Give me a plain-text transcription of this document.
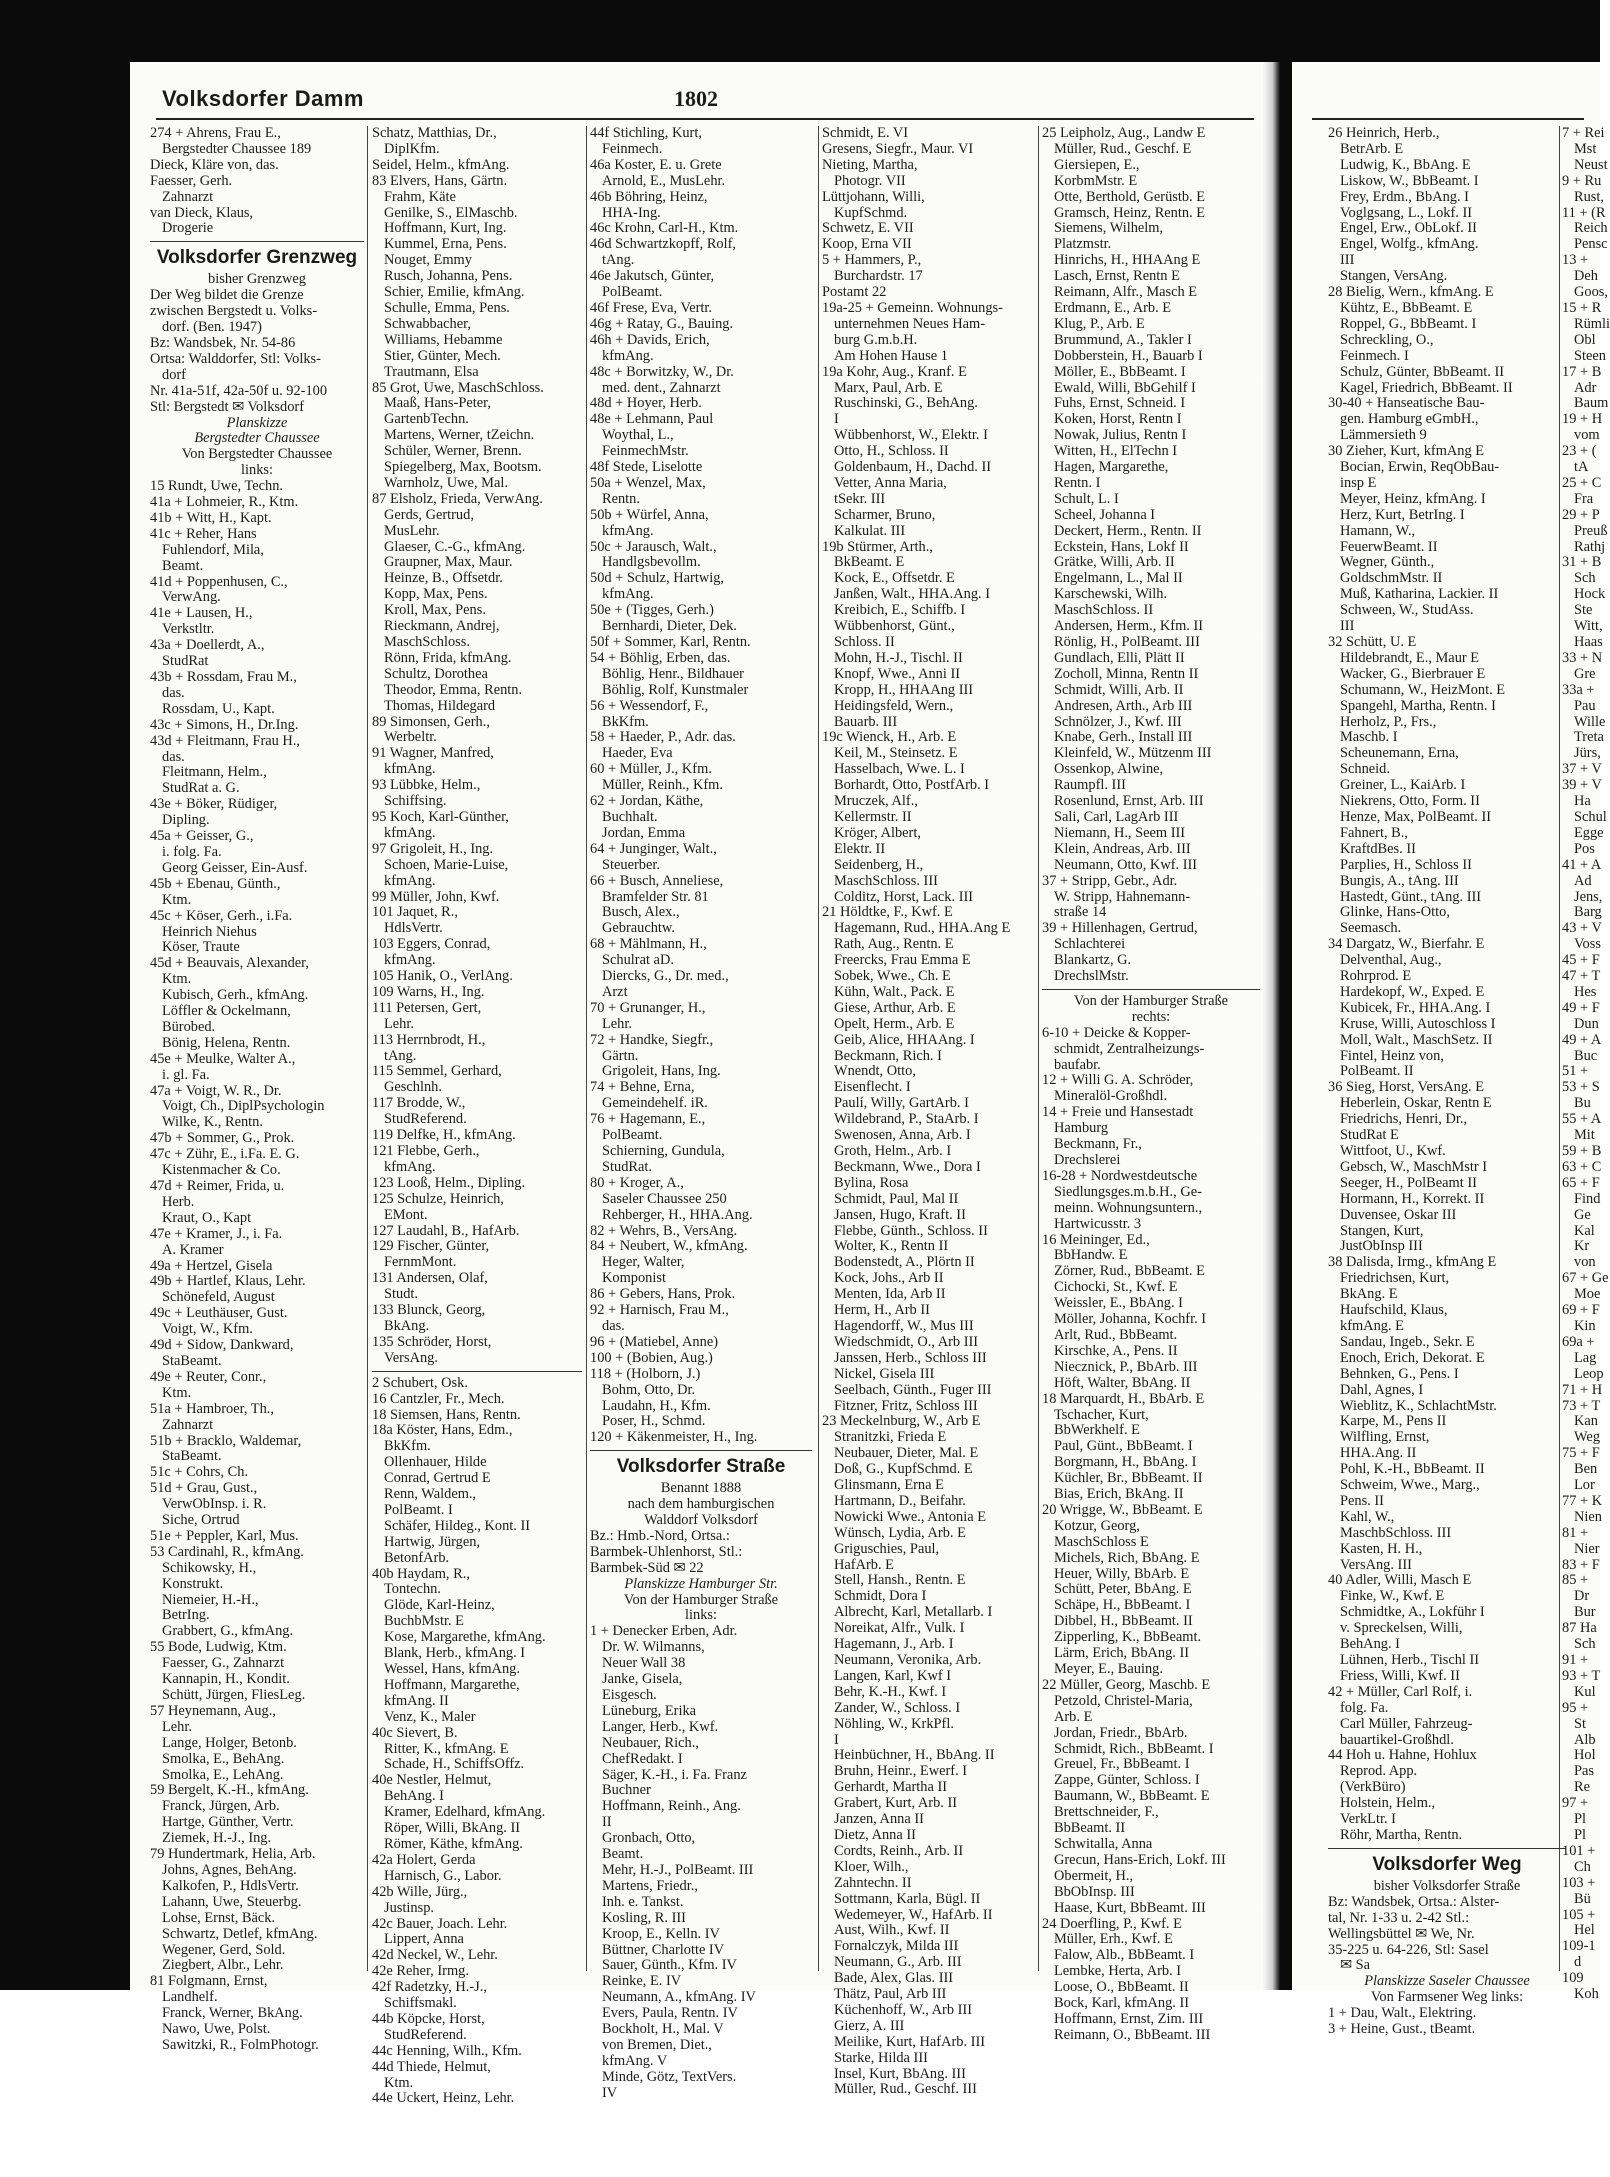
Volksdorfer Damm	1802
274 + Ahrens, Frau E.,
Bergstedter Chaussee 189
Dieck, Kläre von, das.
Faesser, Gerh.
Zahnarzt
van Dieck, Klaus,
Drogerie
Volksdorfer Grenzweg
bisher Grenzweg
Der Weg bildet die Grenze
zwischen Bergstedt u. Volks-
dorf. (Ben. 1947)
Bz: Wandsbek, Nr. 54-86
Ortsa: Walddorfer, Stl: Volks-
dorf
Nr. 41a-51f, 42a-50f u. 92-100
Stl: Bergstedt ✉ Volksdorf
Planskizze
Bergstedter Chaussee
Von Bergstedter Chaussee
links:
15 Rundt, Uwe, Techn.
41a + Lohmeier, R., Ktm.
41b + Witt, H., Kapt.
41c + Reher, Hans
Fuhlendorf, Mila,
Beamt.
41d + Poppenhusen, C.,
VerwAng.
41e + Lausen, H.,
Verkstltr.
43a + Doellerdt, A.,
StudRat
43b + Rossdam, Frau M.,
das.
Rossdam, U., Kapt.
43c + Simons, H., Dr.Ing.
43d + Fleitmann, Frau H.,
das.
Fleitmann, Helm.,
StudRat a. G.
43e + Böker, Rüdiger,
Dipling.
45a + Geisser, G.,
i. folg. Fa.
Georg Geisser, Ein-Ausf.
45b + Ebenau, Günth.,
Ktm.
45c + Köser, Gerh., i.Fa.
Heinrich Niehus
Köser, Traute
45d + Beauvais, Alexander,
Ktm.
Kubisch, Gerh., kfmAng.
Löffler & Ockelmann,
Bürobed.
Bönig, Helena, Rentn.
45e + Meulke, Walter A.,
i. gl. Fa.
47a + Voigt, W. R., Dr.
Voigt, Ch., DiplPsychologin
Wilke, K., Rentn.
47b + Sommer, G., Prok.
47c + Zühr, E., i.Fa. E. G.
Kistenmacher & Co.
47d + Reimer, Frida, u.
Herb.
Kraut, O., Kapt
47e + Kramer, J., i. Fa.
A. Kramer
49a + Hertzel, Gisela
49b + Hartlef, Klaus, Lehr.
Schönefeld, August
49c + Leuthäuser, Gust.
Voigt, W., Kfm.
49d + Sidow, Dankward,
StaBeamt.
49e + Reuter, Conr.,
Ktm.
51a + Hambroer, Th.,
Zahnarzt
51b + Bracklo, Waldemar,
StaBeamt.
51c + Cohrs, Ch.
51d + Grau, Gust.,
VerwObInsp. i. R.
Siche, Ortrud
51e + Peppler, Karl, Mus.
53 Cardinahl, R., kfmAng.
Schikowsky, H.,
Konstrukt.
Niemeier, H.-H.,
BetrIng.
Grabbert, G., kfmAng.
55 Bode, Ludwig, Ktm.
Faesser, G., Zahnarzt
Kannapin, H., Kondit.
Schütt, Jürgen, FliesLeg.
57 Heynemann, Aug.,
Lehr.
Lange, Holger, Betonb.
Smolka, E., BehAng.
Smolka, E., LehAng.
59 Bergelt, K.-H., kfmAng.
Franck, Jürgen, Arb.
Hartge, Günther, Vertr.
Ziemek, H.-J., Ing.
79 Hundertmark, Helia, Arb.
Johns, Agnes, BehAng.
Kalkofen, P., HdlsVertr.
Lahann, Uwe, Steuerbg.
Lohse, Ernst, Bäck.
Schwartz, Detlef, kfmAng.
Wegener, Gerd, Sold.
Ziegbert, Albr., Lehr.
81 Folgmann, Ernst,
Landhelf.
Franck, Werner, BkAng.
Nawo, Uwe, Polst.
Sawitzki, R., FolmPhotogr.
Schatz, Matthias, Dr.,
DiplKfm.
Seidel, Helm., kfmAng.
83 Elvers, Hans, Gärtn.
Frahm, Käte
Genilke, S., ElMaschb.
Hoffmann, Kurt, Ing.
Kummel, Erna, Pens.
Nouget, Emmy
Rusch, Johanna, Pens.
Schier, Emilie, kfmAng.
Schulle, Emma, Pens.
Schwabbacher,
Williams, Hebamme
Stier, Günter, Mech.
Trautmann, Elsa
85 Grot, Uwe, MaschSchloss.
Maaß, Hans-Peter,
GartenbTechn.
Martens, Werner, tZeichn.
Schüler, Werner, Brenn.
Spiegelberg, Max, Bootsm.
Warnholz, Uwe, Mal.
87 Elsholz, Frieda, VerwAng.
Gerds, Gertrud,
MusLehr.
Glaeser, C.-G., kfmAng.
Graupner, Max, Maur.
Heinze, B., Offsetdr.
Kopp, Max, Pens.
Kroll, Max, Pens.
Rieckmann, Andrej,
MaschSchloss.
Rönn, Frida, kfmAng.
Schultz, Dorothea
Theodor, Emma, Rentn.
Thomas, Hildegard
89 Simonsen, Gerh.,
Werbeltr.
91 Wagner, Manfred,
kfmAng.
93 Lübbke, Helm.,
Schiffsing.
95 Koch, Karl-Günther,
kfmAng.
97 Grigoleit, H., Ing.
Schoen, Marie-Luise,
kfmAng.
99 Müller, John, Kwf.
101 Jaquet, R.,
HdlsVertr.
103 Eggers, Conrad,
kfmAng.
105 Hanik, O., VerlAng.
109 Warns, H., Ing.
111 Petersen, Gert,
Lehr.
113 Herrnbrodt, H.,
tAng.
115 Semmel, Gerhard,
Geschlnh.
117 Brodde, W.,
StudReferend.
119 Delfke, H., kfmAng.
121 Flebbe, Gerh.,
kfmAng.
123 Looß, Helm., Dipling.
125 Schulze, Heinrich,
EMont.
127 Laudahl, B., HafArb.
129 Fischer, Günter,
FernmMont.
131 Andersen, Olaf,
Studt.
133 Blunck, Georg,
BkAng.
135 Schröder, Horst,
VersAng.
2 Schubert, Osk.
16 Cantzler, Fr., Mech.
18 Siemsen, Hans, Rentn.
18a Köster, Hans, Edm.,
BkKfm.
Ollenhauer, Hilde
Conrad, Gertrud E
Renn, Waldem.,
PolBeamt. I
Schäfer, Hildeg., Kont. II
Hartwig, Jürgen,
BetonfArb.
40b Haydam, R.,
Tontechn.
Glöde, Karl-Heinz,
BuchbMstr. E
Kose, Margarethe, kfmAng.
Blank, Herb., kfmAng. I
Wessel, Hans, kfmAng.
Hoffmann, Margarethe,
kfmAng. II
Venz, K., Maler
40c Sievert, B.
Ritter, K., kfmAng. E
Schade, H., SchiffsOffz.
40e Nestler, Helmut,
BehAng. I
Kramer, Edelhard, kfmAng.
Röper, Willi, BkAng. II
Römer, Käthe, kfmAng.
42a Holert, Gerda
Harnisch, G., Labor.
42b Wille, Jürg.,
Justinsp.
42c Bauer, Joach. Lehr.
Lippert, Anna
42d Neckel, W., Lehr.
42e Reher, Irmg.
42f Radetzky, H.-J.,
Schiffsmakl.
44b Köpcke, Horst,
StudReferend.
44c Henning, Wilh., Kfm.
44d Thiede, Helmut,
Ktm.
44e Uckert, Heinz, Lehr.
44f Stichling, Kurt,
Feinmech.
46a Koster, E. u. Grete
Arnold, E., MusLehr.
46b Böhring, Heinz,
HHA-Ing.
46c Krohn, Carl-H., Ktm.
46d Schwartzkopff, Rolf,
tAng.
46e Jakutsch, Günter,
PolBeamt.
46f Frese, Eva, Vertr.
46g + Ratay, G., Bauing.
46h + Davids, Erich,
kfmAng.
48c + Borwitzky, W., Dr.
med. dent., Zahnarzt
48d + Hoyer, Herb.
48e + Lehmann, Paul
Woythal, L.,
FeinmechMstr.
48f Stede, Liselotte
50a + Wenzel, Max,
Rentn.
50b + Würfel, Anna,
kfmAng.
50c + Jarausch, Walt.,
Handlgsbevollm.
50d + Schulz, Hartwig,
kfmAng.
50e + (Tigges, Gerh.)
Bernhardi, Dieter, Dek.
50f + Sommer, Karl, Rentn.
54 + Böhlig, Erben, das.
Böhlig, Henr., Bildhauer
Böhlig, Rolf, Kunstmaler
56 + Wessendorf, F.,
BkKfm.
58 + Haeder, P., Adr. das.
Haeder, Eva
60 + Müller, J., Kfm.
Müller, Reinh., Kfm.
62 + Jordan, Käthe,
Buchhalt.
Jordan, Emma
64 + Junginger, Walt.,
Steuerber.
66 + Busch, Anneliese,
Bramfelder Str. 81
Busch, Alex.,
Gebrauchtw.
68 + Mählmann, H.,
Schulrat aD.
Diercks, G., Dr. med.,
Arzt
70 + Grunanger, H.,
Lehr.
72 + Handke, Siegfr.,
Gärtn.
Grigoleit, Hans, Ing.
74 + Behne, Erna,
Gemeindehelf. iR.
76 + Hagemann, E.,
PolBeamt.
Schierning, Gundula,
StudRat.
80 + Kroger, A.,
Saseler Chaussee 250
Rehberger, H., HHA.Ang.
82 + Wehrs, B., VersAng.
84 + Neubert, W., kfmAng.
Heger, Walter,
Komponist
86 + Gebers, Hans, Prok.
92 + Harnisch, Frau M.,
das.
96 + (Matiebel, Anne)
100 + (Bobien, Aug.)
118 + (Holborn, J.)
Bohm, Otto, Dr.
Laudahn, H., Kfm.
Poser, H., Schmd.
120 + Käkenmeister, H., Ing.
Volksdorfer Straße
Benannt 1888
nach dem hamburgischen
Walddorf Volksdorf
Bz.: Hmb.-Nord, Ortsa.:
Barmbek-Uhlenhorst, Stl.:
Barmbek-Süd ✉ 22
Planskizze Hamburger Str.
Von der Hamburger Straße
links:
1 + Denecker Erben, Adr.
Dr. W. Wilmanns,
Neuer Wall 38
Janke, Gisela,
Eisgesch.
Lüneburg, Erika
Langer, Herb., Kwf.
Neubauer, Rich.,
ChefRedakt. I
Säger, K.-H., i. Fa. Franz
Buchner
Hoffmann, Reinh., Ang.
II
Gronbach, Otto,
Beamt.
Mehr, H.-J., PolBeamt. III
Martens, Friedr.,
Inh. e. Tankst.
Kosling, R. III
Kroop, E., Kelln. IV
Büttner, Charlotte IV
Sauer, Günth., Kfm. IV
Reinke, E. IV
Neumann, A., kfmAng. IV
Evers, Paula, Rentn. IV
Bockholt, H., Mal. V
von Bremen, Diet.,
kfmAng. V
Minde, Götz, TextVers.
IV
Schmidt, E. VI
Gresens, Siegfr., Maur. VI
Nieting, Martha,
Photogr. VII
Lüttjohann, Willi,
KupfSchmd.
Schwetz, E. VII
Koop, Erna VII
5 + Hammers, P.,
Burchardstr. 17
Postamt 22
19a-25 + Gemeinn. Wohnungs-
unternehmen Neues Ham-
burg G.m.b.H.
Am Hohen Hause 1
19a Kohr, Aug., Kranf. E
Marx, Paul, Arb. E
Ruschinski, G., BehAng.
I
Wübbenhorst, W., Elektr. I
Otto, H., Schloss. II
Goldenbaum, H., Dachd. II
Vetter, Anna Maria,
tSekr. III
Scharmer, Bruno,
Kalkulat. III
19b Stürmer, Arth.,
BkBeamt. E
Kock, E., Offsetdr. E
Janßen, Walt., HHA.Ang. I
Kreibich, E., Schiffb. I
Wübbenhorst, Günt.,
Schloss. II
Mohn, H.-J., Tischl. II
Knopf, Wwe., Anni II
Kropp, H., HHAAng III
Heidingsfeld, Wern.,
Bauarb. III
19c Wienck, H., Arb. E
Keil, M., Steinsetz. E
Hasselbach, Wwe. L. I
Borhardt, Otto, PostfArb. I
Mruczek, Alf.,
Kellermstr. II
Kröger, Albert,
Elektr. II
Seidenberg, H.,
MaschSchloss. III
Colditz, Horst, Lack. III
21 Höldtke, F., Kwf. E
Hagemann, Rud., HHA.Ang E
Rath, Aug., Rentn. E
Freercks, Frau Emma E
Sobek, Wwe., Ch. E
Kühn, Walt., Pack. E
Giese, Arthur, Arb. E
Opelt, Herm., Arb. E
Geib, Alice, HHAAng. I
Beckmann, Rich. I
Wnendt, Otto,
Eisenflecht. I
Paulí, Willy, GartArb. I
Wildebrand, P., StaArb. I
Swenosen, Anna, Arb. I
Groth, Helm., Arb. I
Beckmann, Wwe., Dora I
Bylina, Rosa
Schmidt, Paul, Mal II
Jansen, Hugo, Kraft. II
Flebbe, Günth., Schloss. II
Wolter, K., Rentn II
Bodenstedt, A., Plörtn II
Kock, Johs., Arb II
Menten, Ida, Arb II
Herm, H., Arb II
Hagendorff, W., Mus III
Wiedschmidt, O., Arb III
Janssen, Herb., Schloss III
Nickel, Gisela III
Seelbach, Günth., Fuger III
Fitzner, Fritz, Schloss III
23 Meckelnburg, W., Arb E
Stranitzki, Frieda E
Neubauer, Dieter, Mal. E
Doß, G., KupfSchmd. E
Glinsmann, Erna E
Hartmann, D., Beifahr.
Nowicki Wwe., Antonia E
Wünsch, Lydia, Arb. E
Griguschies, Paul,
HafArb. E
Stell, Hansh., Rentn. E
Schmidt, Dora I
Albrecht, Karl, Metallarb. I
Noreikat, Alfr., Vulk. I
Hagemann, J., Arb. I
Neumann, Veronika, Arb.
Langen, Karl, Kwf I
Behr, K.-H., Kwf. I
Zander, W., Schloss. I
Nöhling, W., KrkPfl.
I
Heinbüchner, H., BbAng. II
Bruhn, Heinr., Ewerf. I
Gerhardt, Martha II
Grabert, Kurt, Arb. II
Janzen, Anna II
Dietz, Anna II
Cordts, Reinh., Arb. II
Kloer, Wilh.,
Zahntechn. II
Sottmann, Karla, Bügl. II
Wedemeyer, W., HafArb. II
Aust, Wilh., Kwf. II
Fornalczyk, Milda III
Neumann, G., Arb. III
Bade, Alex, Glas. III
Thätz, Paul, Arb III
Küchenhoff, W., Arb III
Gierz, A. III
Meilike, Kurt, HafArb. III
Starke, Hilda III
Insel, Kurt, BbAng. III
Müller, Rud., Geschf. III
25 Leipholz, Aug., Landw E
Müller, Rud., Geschf. E
Giersiepen, E.,
KorbmMstr. E
Otte, Berthold, Gerüstb. E
Gramsch, Heinz, Rentn. E
Siemens, Wilhelm,
Platzmstr.
Hinrichs, H., HHAAng E
Lasch, Ernst, Rentn E
Reimann, Alfr., Masch E
Erdmann, E., Arb. E
Klug, P., Arb. E
Brummund, A., Takler I
Dobberstein, H., Bauarb I
Möller, E., BbBeamt. I
Ewald, Willi, BbGehilf I
Fuhs, Ernst, Schneid. I
Koken, Horst, Rentn I
Nowak, Julius, Rentn I
Witten, H., ElTechn I
Hagen, Margarethe,
Rentn. I
Schult, L. I
Scheel, Johanna I
Deckert, Herm., Rentn. II
Eckstein, Hans, Lokf II
Grätke, Willi, Arb. II
Engelmann, L., Mal II
Karschewski, Wilh.
MaschSchloss. II
Andersen, Herm., Kfm. II
Rönlig, H., PolBeamt. III
Gundlach, Elli, Plätt II
Zocholl, Minna, Rentn II
Schmidt, Willi, Arb. II
Andresen, Arth., Arb III
Schnölzer, J., Kwf. III
Knabe, Gerh., Install III
Kleinfeld, W., Mützenm III
Ossenkop, Alwine,
Raumpfl. III
Rosenlund, Ernst, Arb. III
Sali, Carl, LagArb III
Niemann, H., Seem III
Klein, Andreas, Arb. III
Neumann, Otto, Kwf. III
37 + Stripp, Gebr., Adr.
W. Stripp, Hahnemann-
straße 14
39 + Hillenhagen, Gertrud,
Schlachterei
Blankartz, G.
DrechslMstr.
Von der Hamburger Straße
rechts:
6-10 + Deicke & Kopper-
schmidt, Zentralheizungs-
baufabr.
12 + Willi G. A. Schröder,
Mineralöl-Großhdl.
14 + Freie und Hansestadt
Hamburg
Beckmann, Fr.,
Drechslerei
16-28 + Nordwestdeutsche
Siedlungsges.m.b.H., Ge-
meinn. Wohnungsuntern.,
Hartwicusstr. 3
16 Meininger, Ed.,
BbHandw. E
Zörner, Rud., BbBeamt. E
Cichocki, St., Kwf. E
Weissler, E., BbAng. I
Möller, Johanna, Kochfr. I
Arlt, Rud., BbBeamt.
Kirschke, A., Pens. II
Niecznick, P., BbArb. III
Höft, Walter, BbAng. II
18 Marquardt, H., BbArb. E
Tschacher, Kurt,
BbWerkhelf. E
Paul, Günt., BbBeamt. I
Borgmann, H., BbAng. I
Küchler, Br., BbBeamt. II
Bias, Erich, BkAng. II
20 Wrigge, W., BbBeamt. E
Kotzur, Georg,
MaschSchloss E
Michels, Rich, BbAng. E
Heuer, Willy, BbArb. E
Schütt, Peter, BbAng. E
Schäpe, H., BbBeamt. I
Dibbel, H., BbBeamt. II
Zipperling, K., BbBeamt.
Lärm, Erich, BbAng. II
Meyer, E., Bauing.
22 Müller, Georg, Maschb. E
Petzold, Christel-Maria,
Arb. E
Jordan, Friedr., BbArb.
Schmidt, Rich., BbBeamt. I
Greuel, Fr., BbBeamt. I
Zappe, Günter, Schloss. I
Baumann, W., BbBeamt. E
Brettschneider, F.,
BbBeamt. II
Schwitalla, Anna
Grecun, Hans-Erich, Lokf. III
Obermeit, H.,
BbObInsp. III
Haase, Kurt, BbBeamt. III
24 Doerfling, P., Kwf. E
Müller, Erh., Kwf. E
Falow, Alb., BbBeamt. I
Lembke, Herta, Arb. I
Loose, O., BbBeamt. II
Bock, Karl, kfmAng. II
Hoffmann, Ernst, Zim. III
Reimann, O., BbBeamt. III
26 Heinrich, Herb.,
BetrArb. E
Ludwig, K., BbAng. E
Liskow, W., BbBeamt. I
Frey, Erdm., BbAng. I
Voglgsang, L., Lokf. II
Engel, Erw., ObLokf. II
Engel, Wolfg., kfmAng.
III
Stangen, VersAng.
28 Bielig, Wern., kfmAng. E
Kühtz, E., BbBeamt. E
Roppel, G., BbBeamt. I
Schreckling, O.,
Feinmech. I
Schulz, Günter, BbBeamt. II
Kagel, Friedrich, BbBeamt. II
30-40 + Hanseatische Bau-
gen. Hamburg eGmbH.,
Lämmersieth 9
30 Zieher, Kurt, kfmAng E
Bocian, Erwin, ReqObBau-
insp E
Meyer, Heinz, kfmAng. I
Herz, Kurt, BetrIng. I
Hamann, W.,
FeuerwBeamt. II
Wegner, Günth.,
GoldschmMstr. II
Muß, Katharina, Lackier. II
Schween, W., StudAss.
III
32 Schütt, U. E
Hildebrandt, E., Maur E
Wacker, G., Bierbrauer E
Schumann, W., HeizMont. E
Spangehl, Martha, Rentn. I
Herholz, P., Frs.,
Maschb. I
Scheunemann, Erna,
Schneid.
Greiner, L., KaiArb. I
Niekrens, Otto, Form. II
Henze, Max, PolBeamt. II
Fahnert, B.,
KraftdBes. II
Parplies, H., Schloss II
Bungis, A., tAng. III
Hastedt, Günt., tAng. III
Glinke, Hans-Otto,
Seemasch.
34 Dargatz, W., Bierfahr. E
Delventhal, Aug.,
Rohrprod. E
Hardekopf, W., Exped. E
Kubicek, Fr., HHA.Ang. I
Kruse, Willi, Autoschloss I
Moll, Walt., MaschSetz. II
Fintel, Heinz von,
PolBeamt. II
36 Sieg, Horst, VersAng. E
Heberlein, Oskar, Rentn E
Friedrichs, Henri, Dr.,
StudRat E
Wittfoot, U., Kwf.
Gebsch, W., MaschMstr I
Seeger, H., PolBeamt II
Hormann, H., Korrekt. II
Duvensee, Oskar III
Stangen, Kurt,
JustObInsp III
38 Dalisda, Irmg., kfmAng E
Friedrichsen, Kurt,
BkAng. E
Haufschild, Klaus,
kfmAng. E
Sandau, Ingeb., Sekr. E
Enoch, Erich, Dekorat. E
Behnken, G., Pens. I
Dahl, Agnes, I
Wieblitz, K., SchlachtMstr.
Karpe, M., Pens II
Wilfling, Ernst,
HHA.Ang. II
Pohl, K.-H., BbBeamt. II
Schweim, Wwe., Marg.,
Pens. II
Kahl, W.,
MaschbSchloss. III
Kasten, H. H.,
VersAng. III
40 Adler, Willi, Masch E
Finke, W., Kwf. E
Schmidtke, A., Lokführ I
v. Spreckelsen, Willi,
BehAng. I
Lühnen, Herb., Tischl II
Friess, Willi, Kwf. II
42 + Müller, Carl Rolf, i.
folg. Fa.
Carl Müller, Fahrzeug-
bauartikel-Großhdl.
44 Hoh u. Hahne, Hohlux
Reprod. App.
(VerkBüro)
Holstein, Helm.,
VerkLtr. I
Röhr, Martha, Rentn.
Volksdorfer Weg
bisher Volksdorfer Straße
Bz: Wandsbek, Ortsa.: Alster-
tal, Nr. 1-33 u. 2-42 Stl.:
Wellingsbüttel ✉ We, Nr.
35-225 u. 64-226, Stl: Sasel
✉ Sa
Planskizze Saseler Chaussee
Von Farmsener Weg links:
1 + Dau, Walt., Elektring.
3 + Heine, Gust., tBeamt.
7 + Rei
Mst
Neust
9 + Ru
Rust,
11 + (R
Reich
Pensc
13 +
Deh
Goos,
15 + R
Rümli
Obl
Steen
17 + B
Adr
Baum
19 + H
vom
23 + (
tA
25 + C
Fra
29 + P
Preuß
Rathj
31 + B
Sch
Hock
Ste
Witt,
Haas
33 + N
Gre
33a +
Pau
Wille
Treta
Jürs,
37 + V
39 + V
Ha
Schul
Egge
Pos
41 + A
Ad
Jens,
Barg
43 + V
Voss
45 + F
47 + T
Hes
49 + F
Dun
49 + A
Buc
51 +
53 + S
Bu
55 + A
Mit
59 + B
63 + C
65 + F
Find
Ge
Kal
Kr
von
67 + Ge
Moe
69 + F
Kin
69a +
Lag
Leop
71 + H
73 + T
Kan
Weg
75 + F
Ben
Lor
77 + K
Nien
81 +
Nier
83 + F
85 +
Dr
Bur
87 Ha
Sch
91 +
93 + T
Kul
95 +
St
Alb
Hol
Pas
Re
97 +
Pl
Pl
101 +
Ch
103 +
Bü
105 +
Hel
109-1
d
109
Koh
